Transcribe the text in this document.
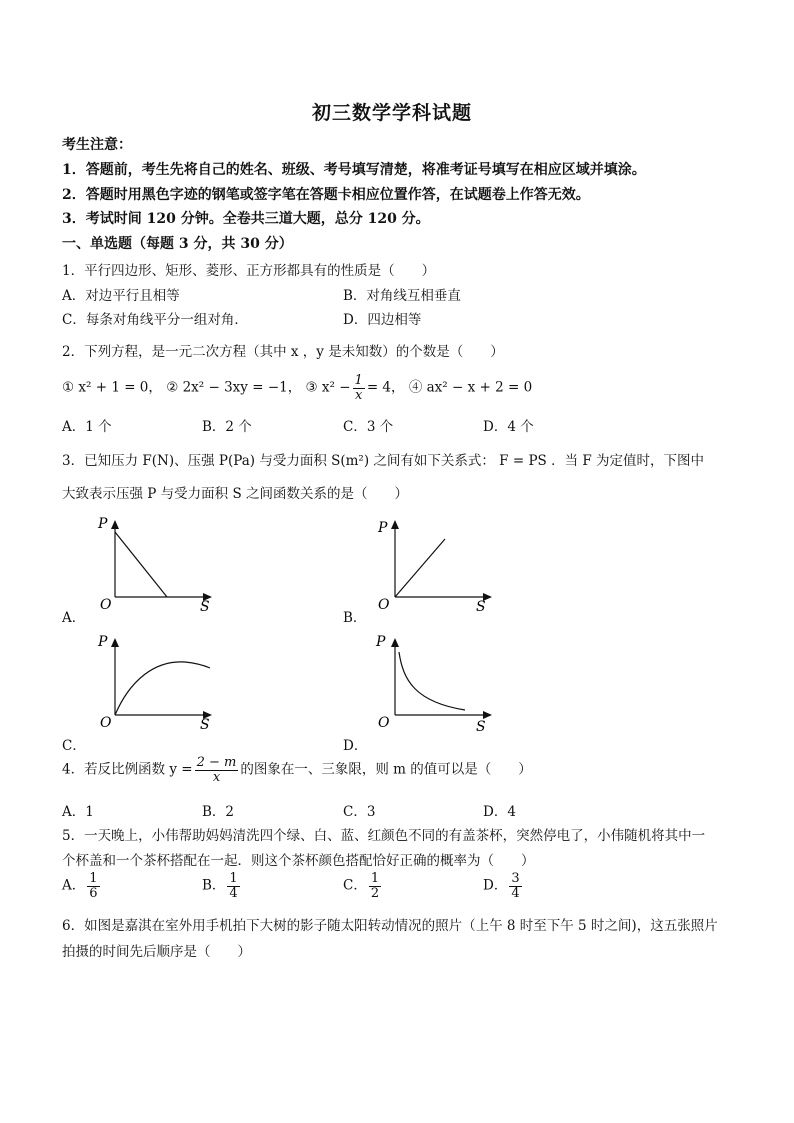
初三数学学科试题
考生注意：
1．答题前，考生先将自己的姓名、班级、考号填写清楚，将准考证号填写在相应区域并填涂。
2．答题时用黑色字迹的钢笔或签字笔在答题卡相应位置作答，在试题卷上作答无效。
3．考试时间 120 分钟。全卷共三道大题，总分 120 分。
一、单选题（每题 3 分，共 30 分）
1．平行四边形、矩形、菱形、正方形都具有的性质是（　　）
A．对边平行且相等	B．对角线互相垂直
C．每条对角线平分一组对角．	D．四边相等
2．下列方程，是一元二次方程（其中 x ，y 是未知数）的个数是（　　）
① x² + 1 = 0， ② 2x² − 3xy = −1， ③ $x^2 - \frac{1}{x} = 4$， ④ ax² − x + 2 = 0
A．1 个	B．2 个	C．3 个	D．4 个
3．已知压力 F(N)、压强 P(Pa) 与受力面积 S(m²) 之间有如下关系式： F = PS ．当 F 为定值时，下图中
大致表示压强 P 与受力面积 S 之间函数关系的是（　　）
P
O	S
A．
P
O	S
B．
P
O	S
C．
P
O	S
D．
4．若反比例函数 $y = \frac{2 - m}{x}$ 的图象在一、三象限，则 m 的值可以是（　　）
A．1	B．2	C．3	D．4
5．一天晚上，小伟帮助妈妈清洗四个绿、白、蓝、红颜色不同的有盖茶杯，突然停电了，小伟随机将其中一
个杯盖和一个茶杯搭配在一起．则这个茶杯颜色搭配恰好正确的概率为（　　）
A． $\frac{1}{6}$	B． $\frac{1}{4}$	C． $\frac{1}{2}$	D． $\frac{3}{4}$
6．如图是嘉淇在室外用手机拍下大树的影子随太阳转动情况的照片（上午 8 时至下午 5 时之间)，这五张照片
拍摄的时间先后顺序是（　　）
